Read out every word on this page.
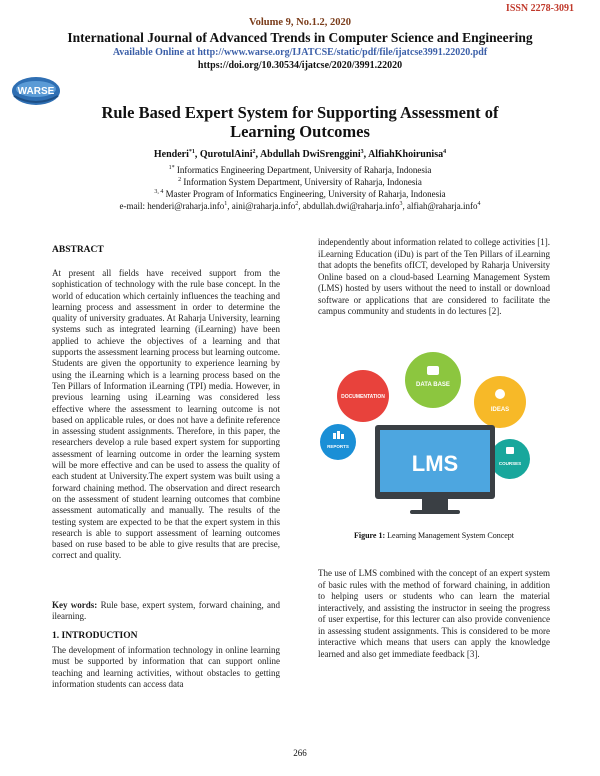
ISSN 2278-3091
Volume 9, No.1.2, 2020
International Journal of Advanced Trends in Computer Science and Engineering
Available Online at http://www.warse.org/IJATCSE/static/pdf/file/ijatcse3991.22020.pdf
https://doi.org/10.30534/ijatcse/2020/3991.22020
WARSE
Rule Based Expert System for Supporting Assessment of
Learning Outcomes
Henderi$^{*1}$, QurotulAini$^2$, Abdullah DwiSrenggini$^3$, AlfiahKhoirunisa$^4$
$^{1*}$ Informatics Engineering Department, University of Raharja, Indonesia
$^2$ Information System Department, University of Raharja, Indonesia
$^{3, 4}$ Master Program of Informatics Engineering, University of Raharja, Indonesia
e-mail: henderi@raharja.info$^1$, aini@raharja.info$^2$, abdullah.dwi@raharja.info$^3$, alfiah@raharja.info$^4$
ABSTRACT
At present all fields have received support from the sophistication of technology with the rule base concept. In the world of education which certainly influences the teaching and learning process and assessment in order to determine the quality of university graduates. At Raharja University, learning systems such as integrated learning (iLearning) have been applied to achieve the objectives of a learning and that supports the assessment learning process but learning outcome. Students are given the opportunity to experience learning by using the iLearning which is a learning process based on the Ten Pillars of Information iLearning (TPI) media. However, in previous learning using iLearning was considered less effective where the assessment to learning outcome is not based on applicable rules, or does not have a definite reference in assessing student assignments. Therefore, in this paper, the researchers develop a rule based expert system for supporting assessment of learning outcome in order the learning system will be more effective and can be used to assess the quality of each student at University.The expert system was built using a forward chaining method. The observation and direct research on the assessment of student learning outcomes that combine assessment automatically and manually. The results of the testing system are expected to be that the expert system in this research is able to support assessment of learning outcomes based on ruse based to be able to give results that are precise, correct and quality.
Key words: Rule base, expert system, forward chaining, and ilearning.
1. INTRODUCTION
The development of information technology in online learning must be supported by information that can support online teaching and learning activities, without obstacles to getting information students can access data
independently about information related to college activities [1]. iLearning Education (iDu) is part of the Ten Pillars of iLearning that adopts the benefits ofICT, developed by Raharja University Online based on a cloud-based Learning Management System (LMS) hosted by users without the need to install or download software or applications that are considered to facilitate the campus community and students in do lectures [2].
DOCUMENTATION
DATA BASE
IDEAS
REPORTS
COURSES
LMS
Figure 1: Learning Management System Concept
The use of LMS combined with the concept of an expert system of basic rules with the method of forward chaining, in addition to helping users or students who can learn the material interactively, and assisting the instructor in seeing the progress of user expertise, for this lecturer can also provide convenience in assessing student assignments. This is considered to be more interactive which means that users can apply the knowledge learned and also get immediate feedback [3].
266
